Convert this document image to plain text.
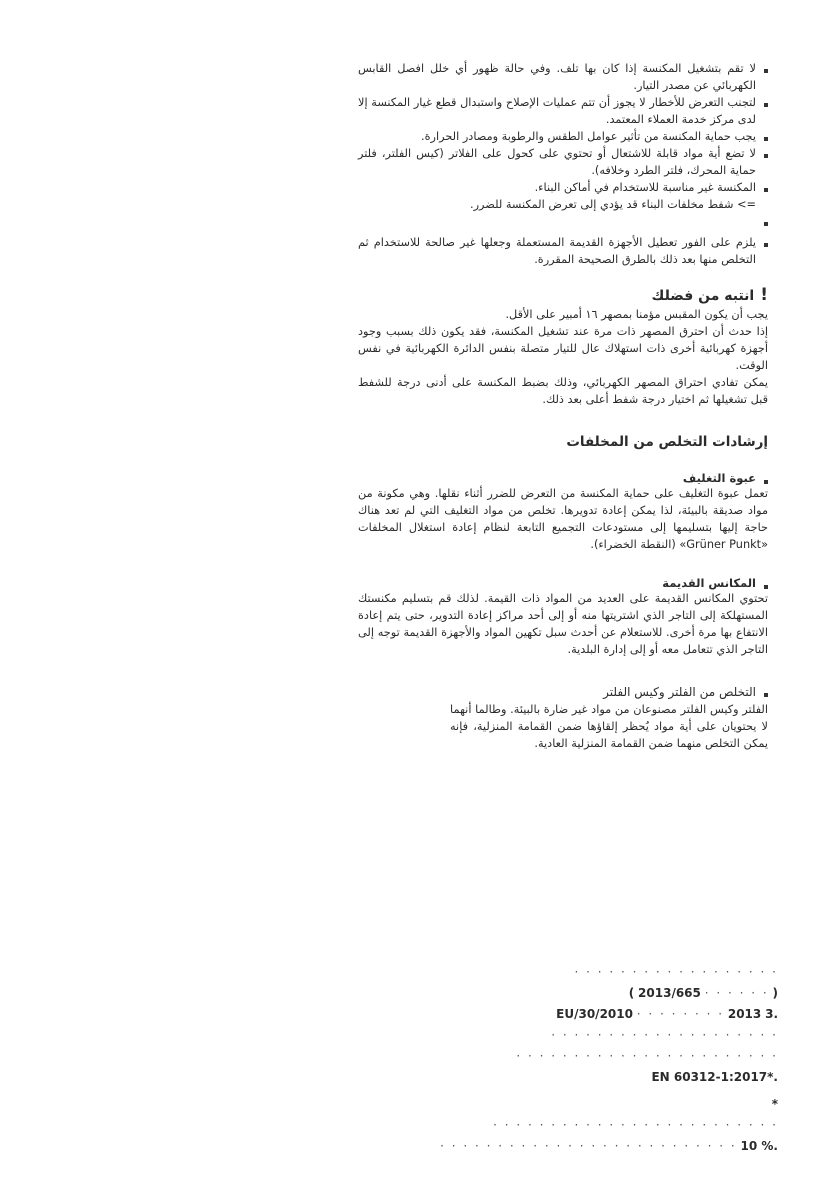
لا تقم بتشغيل المكنسة إذا كان بها تلف. وفي حالة ظهور أي خلل افصل القابس الكهربائي عن مصدر التيار.

لتجنب التعرض للأخطار لا يجوز أن تتم عمليات الإصلاح واستبدال قطع غيار المكنسة إلا لدى مركز خدمة العملاء المعتمد.

يجب حماية المكنسة من تأثير عوامل الطقس والرطوبة ومصادر الحرارة.

لا تضع أية مواد قابلة للاشتعال أو تحتوي على كحول على الفلاتر (كيس الفلتر، فلتر حماية المحرك، فلتر الطرد وخلافه).

المكنسة غير مناسبة للاستخدام في أماكن البناء.

=> شفط مخلفات البناء قد يؤدي إلى تعرض المكنسة للضرر.

يلزم على الفور تعطيل الأجهزة القديمة المستعملة وجعلها غير صالحة للاستخدام ثم التخلص منها بعد ذلك بالطرق الصحيحة المقررة.

!
انتبه من فضلك

يجب أن يكون المقبس مؤمنا بمصهر ١٦ أمبير على الأقل.

إذا حدث أن احترق المصهر ذات مرة عند تشغيل المكنسة، فقد يكون ذلك بسبب وجود أجهزة كهربائية أخرى ذات استهلاك عال للتيار متصلة بنفس الدائرة الكهربائية في نفس الوقت.

يمكن تفادي احتراق المصهر الكهربائي، وذلك بضبط المكنسة على أدنى درجة للشفط قبل تشغيلها ثم اختيار درجة شفط أعلى بعد ذلك.

إرشادات التخلص من المخلفات
عبوة التغليف

تعمل عبوة التغليف على حماية المكنسة من التعرض للضرر أثناء نقلها. وهي مكونة من مواد صديقة بالبيئة، لذا يمكن إعادة تدويرها. تخلص من مواد التغليف التي لم تعد هناك حاجة إليها بتسليمها إلى مستودعات التجميع التابعة لنظام إعادة استغلال المخلفات «Grüner Punkt» (النقطة الخضراء).

المكانس القديمة

تحتوي المكانس القديمة على العديد من المواد ذات القيمة. لذلك قم بتسليم مكنستك المستهلكة إلى التاجر الذي اشتريتها منه أو إلى أحد مراكز إعادة التدوير، حتى يتم إعادة الانتفاع بها مرة أخرى. للاستعلام عن أحدث سبل تكهين المواد والأجهزة القديمة توجه إلى التاجر الذي تتعامل معه أو إلى إدارة البلدية.

التخلص من الفلتر وكيس الفلتر

الفلتر وكيس الفلتر مصنوعان من مواد غير ضارة بالبيئة. وطالما أنهما لا يحتويان على أية مواد يُحظر إلقاؤها ضمن القمامة المنزلية، فإنه يمكن التخلص منهما ضمن القمامة المنزلية العادية.

· · · · · · · · · · · · · · · · · ·
( · · · · · · 2013/665 )
.EU/30/2010 · · · · · · · · 2013 3
· · · · · · · · · · · · · · · · · · · ·
· · · · · · · · · · · · · · · · · · · · · · ·
.*1:2017-EN 60312
*
· · · · · · · · · · · · · · · · · · · · · · · · ·
.% 10 · · · · · · · · · · · · · · · · · · · · · · · · · ·
